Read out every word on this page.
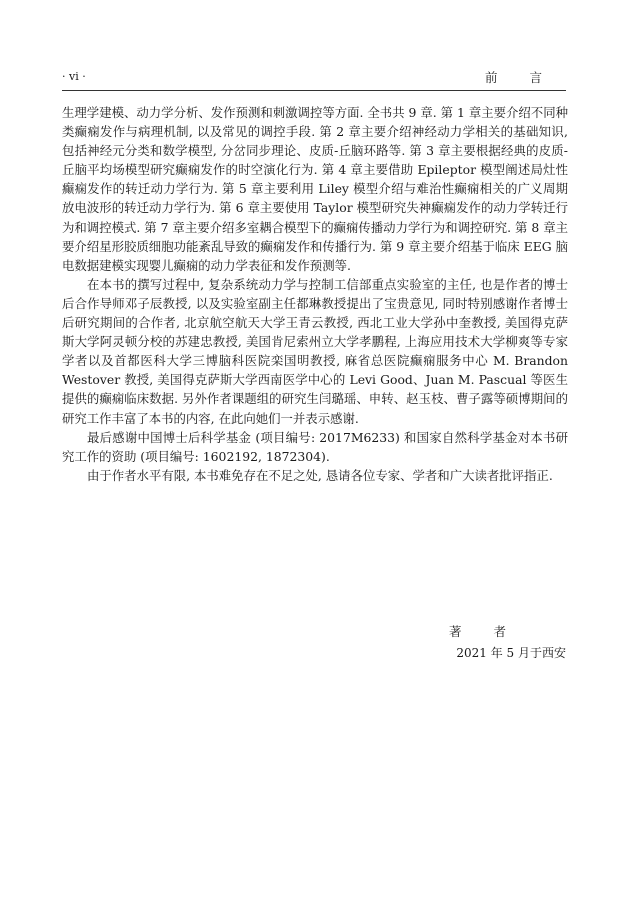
· vi ·	前 言

生理学建模、动力学分析、发作预测和刺激调控等方面. 全书共 9 章. 第 1 章主要介绍不同种类癫痫发作与病理机制, 以及常见的调控手段. 第 2 章主要介绍神经动力学相关的基础知识, 包括神经元分类和数学模型, 分岔同步理论、皮质-丘脑环路等. 第 3 章主要根据经典的皮质-丘脑平均场模型研究癫痫发作的时空演化行为. 第 4 章主要借助 Epileptor 模型阐述局灶性癫痫发作的转迁动力学行为. 第 5 章主要利用 Liley 模型介绍与难治性癫痫相关的广义周期放电波形的转迁动力学行为. 第 6 章主要使用 Taylor 模型研究失神癫痫发作的动力学转迁行为和调控模式. 第 7 章主要介绍多室耦合模型下的癫痫传播动力学行为和调控研究. 第 8 章主要介绍星形胶质细胞功能紊乱导致的癫痫发作和传播行为. 第 9 章主要介绍基于临床 EEG 脑电数据建模实现婴儿癫痫的动力学表征和发作预测等.

在本书的撰写过程中, 复杂系统动力学与控制工信部重点实验室的主任, 也是作者的博士后合作导师邓子辰教授, 以及实验室副主任都琳教授提出了宝贵意见, 同时特别感谢作者博士后研究期间的合作者, 北京航空航天大学王青云教授, 西北工业大学孙中奎教授, 美国得克萨斯大学阿灵顿分校的苏建忠教授, 美国肯尼索州立大学孝鹏程, 上海应用技术大学柳爽等专家学者以及首都医科大学三博脑科医院栾国明教授, 麻省总医院癫痫服务中心 M. Brandon Westover 教授, 美国得克萨斯大学西南医学中心的 Levi Good、Juan M. Pascual 等医生提供的癫痫临床数据. 另外作者课题组的研究生闫璐瑶、申转、赵玉枝、曹子露等硕博期间的研究工作丰富了本书的内容, 在此向她们一并表示感谢.

最后感谢中国博士后科学基金 (项目编号: 2017M6233) 和国家自然科学基金对本书研究工作的资助 (项目编号: 1602192, 1872304).

由于作者水平有限, 本书难免存在不足之处, 恳请各位专家、学者和广大读者批评指正.

著 者
2021 年 5 月于西安
